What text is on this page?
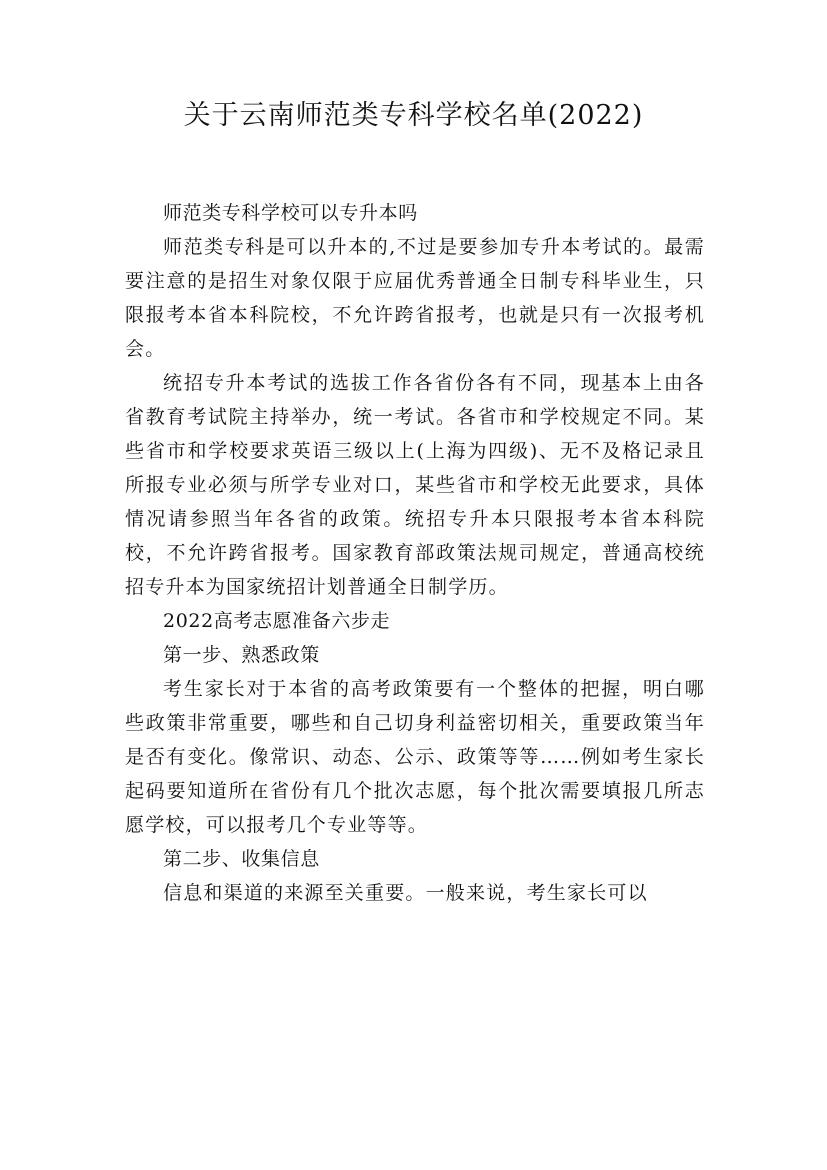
关于云南师范类专科学校名单(2022)

师范类专科学校可以专升本吗

师范类专科是可以升本的,不过是要参加专升本考试的。最需要注意的是招生对象仅限于应届优秀普通全日制专科毕业生，只限报考本省本科院校，不允许跨省报考，也就是只有一次报考机会。

统招专升本考试的选拔工作各省份各有不同，现基本上由各省教育考试院主持举办，统一考试。各省市和学校规定不同。某些省市和学校要求英语三级以上(上海为四级)、无不及格记录且所报专业必须与所学专业对口，某些省市和学校无此要求，具体情况请参照当年各省的政策。统招专升本只限报考本省本科院校，不允许跨省报考。国家教育部政策法规司规定，普通高校统招专升本为国家统招计划普通全日制学历。

2022高考志愿准备六步走

第一步、熟悉政策

考生家长对于本省的高考政策要有一个整体的把握，明白哪些政策非常重要，哪些和自己切身利益密切相关，重要政策当年是否有变化。像常识、动态、公示、政策等等……例如考生家长起码要知道所在省份有几个批次志愿，每个批次需要填报几所志愿学校，可以报考几个专业等等。

第二步、收集信息

信息和渠道的来源至关重要。一般来说，考生家长可以
